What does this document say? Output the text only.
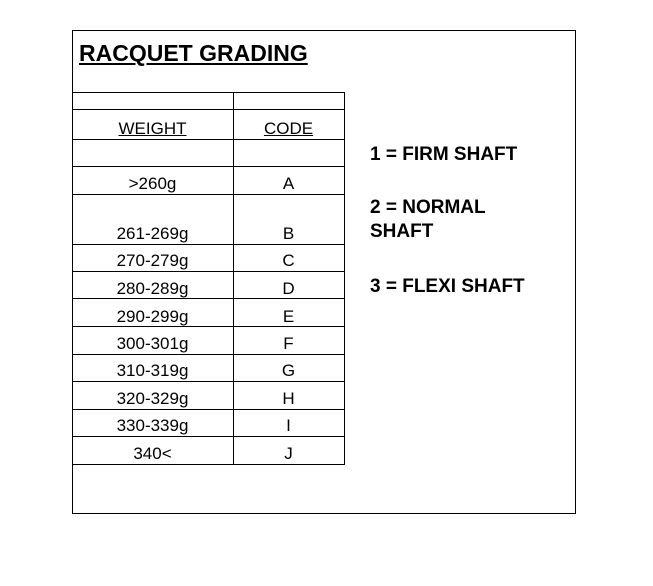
RACQUET GRADING
WEIGHT	CODE
>260g	A
261-269g	B
270-279g	C
280-289g	D
290-299g	E
300-301g	F
310-319g	G
320-329g	H
330-339g	I
340<	J
1 = FIRM SHAFT
2 = NORMAL
SHAFT
3 = FLEXI SHAFT
